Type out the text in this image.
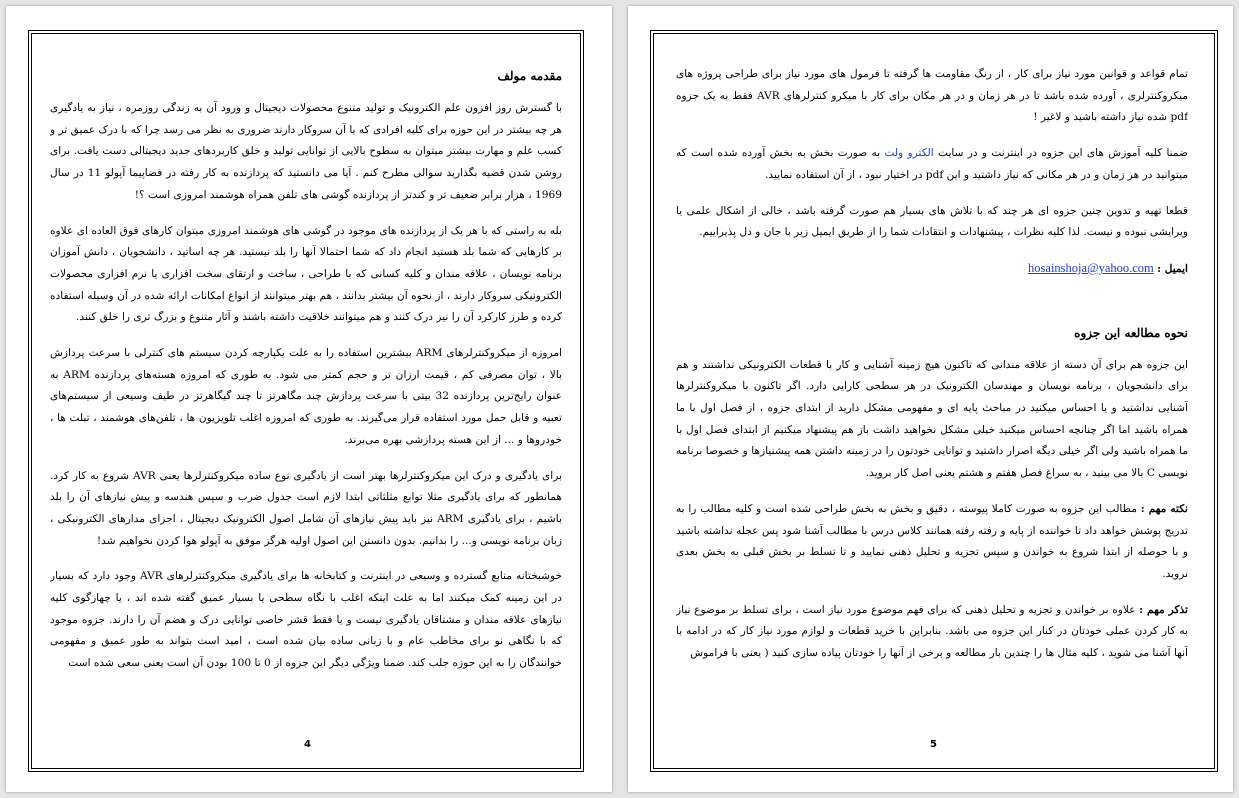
مقدمه مولف

با گسترش روز افزون علم الکترونیک و تولید متنوع محصولات دیجیتال و ورود آن به زندگی روزمره ، نیاز به یادگیری هر چه بیشتر در این حوزه برای کلیه افرادی که با آن سروکار دارند ضروری به نظر می رسد چرا که با درک عمیق تر و کسب علم و مهارت بیشتر میتوان به سطوح بالایی از توانایی تولید و خلق کاربردهای جدید دیجیتالی دست یافت. برای روشن شدن قضیه بگذارید سوالی مطرح کنم . آیا می دانستید که پردازنده به کار رفته در فضاپیما آپولو 11 در سال 1969 ، هزار برابر ضعیف تر و کندتر از پردازنده گوشی های تلفن همراه هوشمند امروزی است ؟!

بله به راستی که با هر یک از پردازنده های موجود در گوشی های هوشمند امروزی میتوان کارهای فوق العاده ای علاوه بر کارهایی که شما بلد هستید انجام داد که شما احتمالا آنها را بلد نیستید. هر چه اساتید ، دانشجویان ، دانش آموزان برنامه نویسان ، علاقه مندان و کلیه کسانی که با طراحی ، ساخت و ارتقای سخت افزاری یا نرم افزاری محصولات الکترونیکی سروکار دارند ، از نحوه آن بیشتر بدانند ، هم بهتر میتوانند از انواع امکانات ارائه شده در آن وسیله استفاده کرده و طرز کارکرد آن را نیز درک کنند و هم میتوانند خلاقیت داشته باشند و آثار متنوع و بزرگ تری را خلق کنند.

امروزه از میکروکنترلرهای ARM بیشترین استفاده را به علت یکپارچه کردن سیستم های کنترلی با سرعت پردازش بالا ، توان مصرفی کم ، قیمت ارزان تر و حجم کمتر می شود. به طوری که امروزه هسته‌های پردازنده ARM به عنوان رایج‌ترین پردازنده 32 بیتی با سرعت پردازش چند مگاهرتز تا چند گیگاهرتز در طیف وسیعی از سیستم‌های تعبیه و قابل حمل مورد استفاده قرار می‌گیرند. به طوری که امروزه اغلب تلویزیون ها ، تلفن‌های هوشمند ، تبلت ها ، خودروها و ... از این هسته پردازشی بهره می‌برند.

برای یادگیری و درک این میکروکنترلرها بهتر است از یادگیری نوع ساده میکروکنترلرها یعنی AVR شروع به کار کرد. همانطور که برای یادگیری مثلا توابع مثلثاتی ابتدا لازم است جدول ضرب و سپس هندسه و پیش نیازهای آن را بلد باشیم ، برای یادگیری ARM نیز باید پیش نیازهای آن شامل اصول الکترونیک دیجیتال ، اجزای مدارهای الکترونیکی ، زبان برنامه نویسی و... را بدانیم. بدون دانستن این اصول اولیه هرگز موفق به آپولو هوا کردن نخواهیم شد!

خوشبختانه منابع گسترده و وسیعی در اینترنت و کتابخانه ها برای یادگیری میکروکنترلرهای AVR وجود دارد که بسیار در این زمینه کمک میکنند اما به علت اینکه اغلب با نگاه سطحی یا بسیار عمیق گفته شده اند ، یا چهارگوی کلیه نیازهای علاقه مندان و مشتاقان یادگیری نیست و یا فقط قشر خاصی توانایی درک و هضم آن را دارند. جزوه موجود که با نگاهی نو برای مخاطب عام و با زبانی ساده بیان شده است ، امید است بتواند به طور عمیق و مفهومی خوانندگان را به این حوزه جلب کند. ضمنا ویژگی دیگر این جزوه از 0 تا 100 بودن آن است یعنی سعی شده است

4

تمام قواعد و قوانین مورد نیاز برای کار ، از رنگ مقاومت ها گرفته تا فرمول های مورد نیاز برای طراحی پروژه های میکروکنترلری ، آورده شده باشد تا در هر زمان و در هر مکان برای کار با میکرو کنترلرهای AVR فقط به یک جزوه pdf شده نیاز داشته باشید و لاغیر !

ضمنا کلیه آموزش های این جزوه در اینترنت و در سایت الکترو ولت به صورت بخش به بخش آورده شده است که میتوانید در هر زمان و در هر مکانی که نیاز داشتید و این pdf در اختیار نبود ، از آن استفاده نمایید.

قطعا تهیه و تدوین چنین جزوه ای هر چند که با تلاش های بسیار هم صورت گرفته باشد ، خالی از اشکال علمی یا ویرایشی نبوده و نیست. لذا کلیه نظرات ، پیشنهادات و انتقادات شما را از طریق ایمیل زیر با جان و دل پذیراییم.

ایمیل : hosainshoja@yahoo.com

نحوه مطالعه این جزوه

این جزوه هم برای آن دسته از علاقه مندانی که تاکنون هیچ زمینه آشنایی و کار با قطعات الکترونیکی نداشتند و هم برای دانشجویان ، برنامه نویسان و مهندسان الکترونیک در هر سطحی کارایی دارد. اگر تاکنون با میکروکنترلرها آشنایی نداشتید و یا احساس میکنید در مباحث پایه ای و مفهومی مشکل دارید از ابتدای جزوه ، از فصل اول با ما همراه باشید اما اگر چنانچه احساس میکنید خیلی مشکل نخواهید داشت باز هم پیشنهاد میکنیم از ابتدای فصل اول با ما همراه باشید ولی اگر خیلی دیگه اصرار داشتید و توانایی خودتون را در زمینه داشتن همه پیشنیازها و خصوصا برنامه نویسی C بالا می بینید ، به سراغ فصل هفتم و هشتم یعنی اصل کار بروید.

نکته مهم : مطالب این جزوه به صورت کاملا پیوسته ، دقیق و بخش به بخش طراحی شده است و کلیه مطالب را به تدریج پوشش خواهد داد تا خواننده از پایه و رفته رفته همانند کلاس درس با مطالب آشنا شود پس عجله نداشته باشید و با حوصله از ابتدا شروع به خواندن و سپس تجزیه و تحلیل ذهنی نمایید و تا تسلط بر بخش قبلی به بخش بعدی نروید.

تذکر مهم : علاوه بر خواندن و تجزیه و تحلیل ذهنی که برای فهم موضوع مورد نیاز است ، برای تسلط بر موضوع نیاز به کار کردن عملی خودتان در کنار این جزوه می باشد. بنابراین با خرید قطعات و لوازم مورد نیاز کار که در ادامه با آنها آشنا می شوید ، کلیه مثال ها را چندین بار مطالعه و برخی از آنها را خودتان پیاده سازی کنید ( یعنی با فراموش

5
